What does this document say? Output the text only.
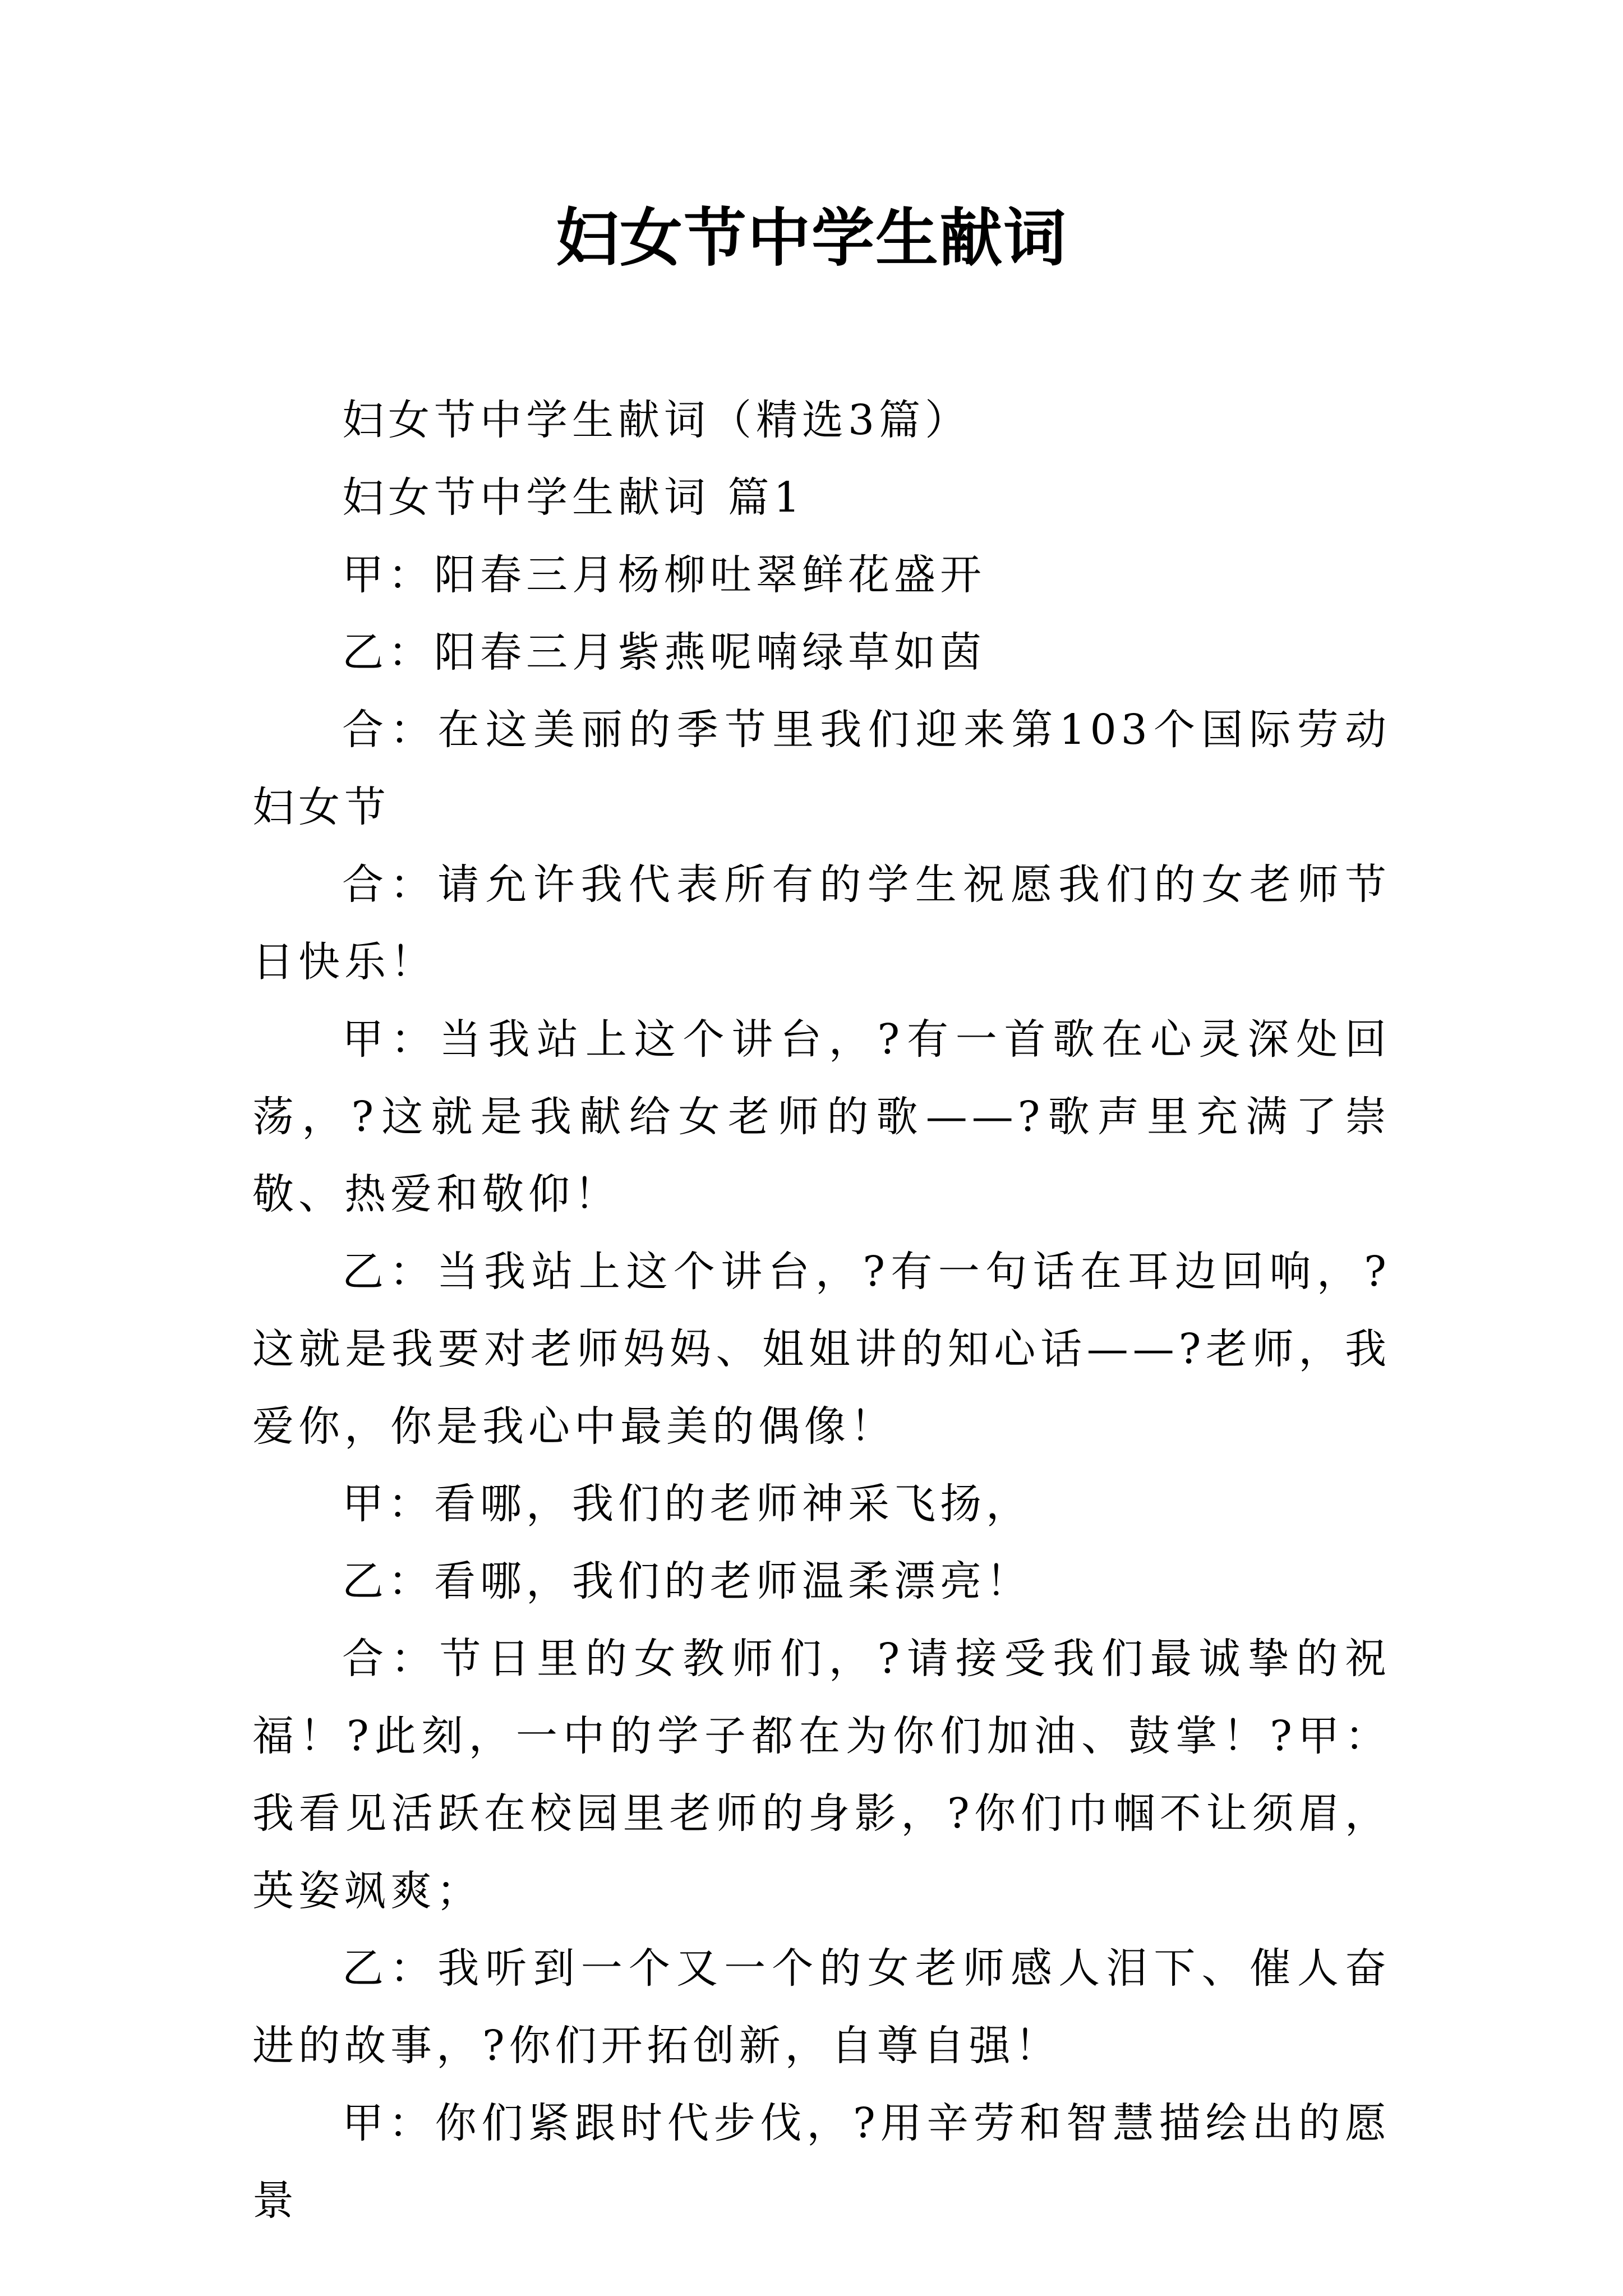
妇女节中学生献词

妇女节中学生献词（精选3篇）

妇女节中学生献词 篇1

甲：阳春三月杨柳吐翠鲜花盛开

乙：阳春三月紫燕呢喃绿草如茵

合：在这美丽的季节里我们迎来第103个国际劳动妇女节

合：请允许我代表所有的学生祝愿我们的女老师节日快乐！

甲：当我站上这个讲台，?有一首歌在心灵深处回荡，?这就是我献给女老师的歌——?歌声里充满了崇敬、热爱和敬仰！

乙：当我站上这个讲台，?有一句话在耳边回响，?这就是我要对老师妈妈、姐姐讲的知心话——?老师，我爱你，你是我心中最美的偶像！

甲：看哪，我们的老师神采飞扬，

乙：看哪，我们的老师温柔漂亮！

合：节日里的女教师们，?请接受我们最诚挚的祝福！?此刻，一中的学子都在为你们加油、鼓掌！?甲：我看见活跃在校园里老师的身影，?你们巾帼不让须眉，英姿飒爽；

乙：我听到一个又一个的女老师感人泪下、催人奋进的故事，?你们开拓创新，自尊自强！

甲：你们紧跟时代步伐，?用辛劳和智慧描绘出的愿景
